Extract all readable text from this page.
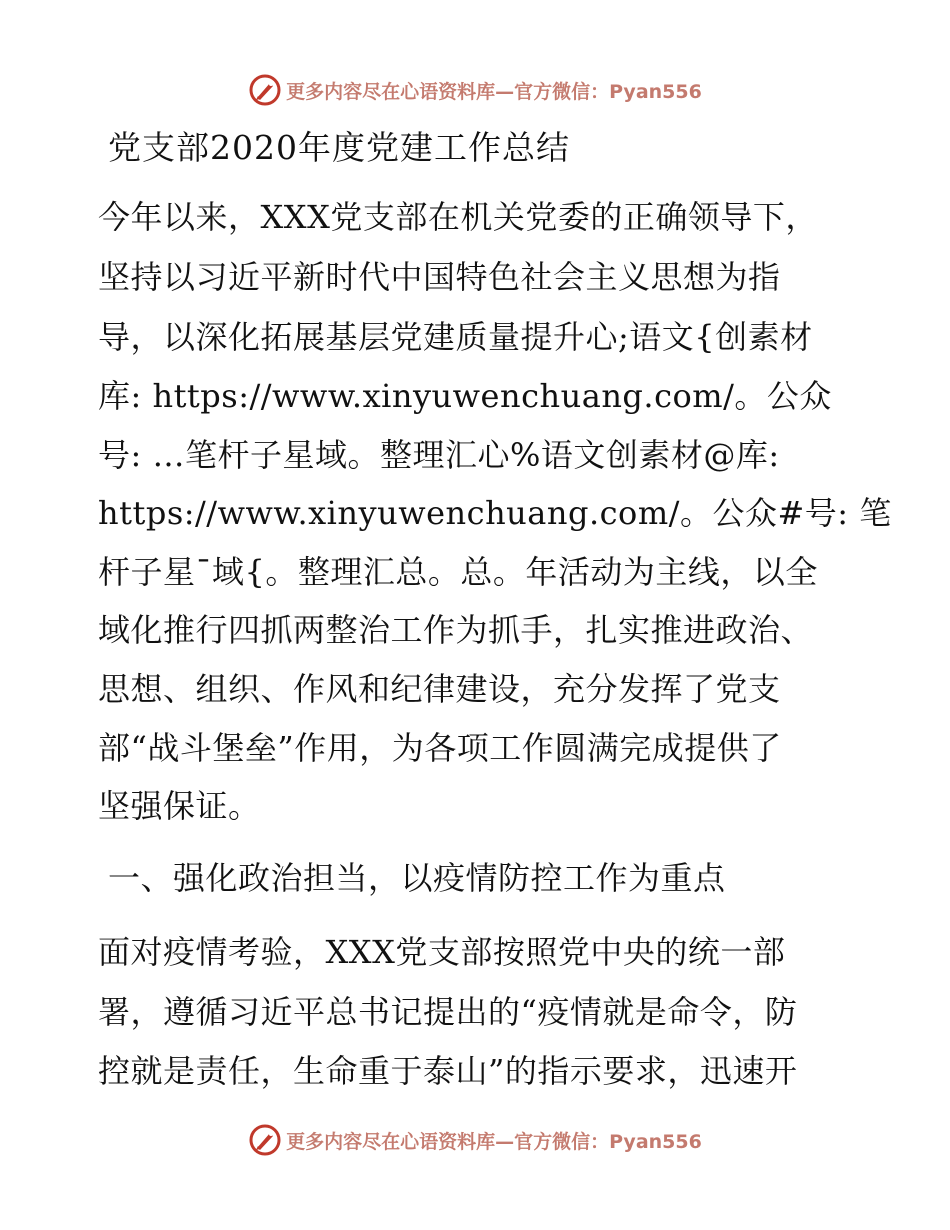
更多内容尽在心语资料库—官方微信：Pyan556
党支部2020年度党建工作总结
今年以来，XXX党支部在机关党委的正确领导下，
坚持以习近平新时代中国特色社会主义思想为指
导，以深化拓展基层党建质量提升心;语文{创素材
库: https://www.xinyuwenchuang.com/。公众
号: …笔杆子星域。整理汇心%语文创素材@库:
https://www.xinyuwenchuang.com/。公众#号: 笔
杆子星¯域{。整理汇总。总。年活动为主线，以全
域化推行四抓两整治工作为抓手，扎实推进政治、
思想、组织、作风和纪律建设，充分发挥了党支
部“战斗堡垒”作用，为各项工作圆满完成提供了
坚强保证。
一、强化政治担当，以疫情防控工作为重点
面对疫情考验，XXX党支部按照党中央的统一部
署，遵循习近平总书记提出的“疫情就是命令，防
控就是责任，生命重于泰山”的指示要求，迅速开
更多内容尽在心语资料库—官方微信：Pyan556
